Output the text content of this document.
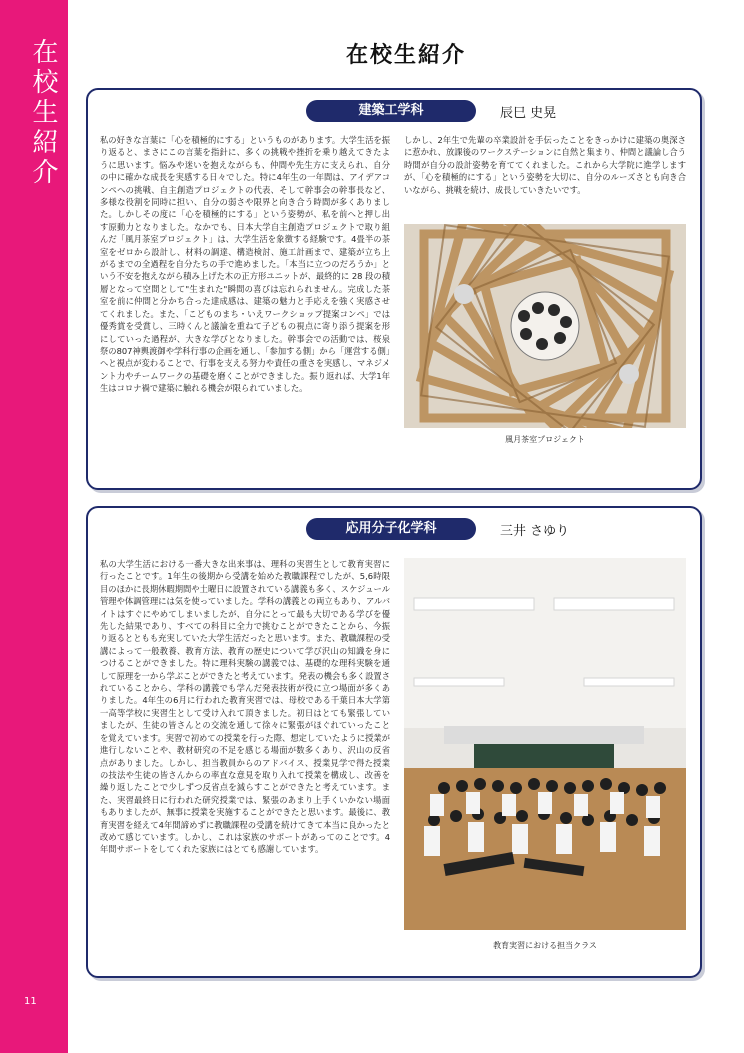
在校生紹介
11
在校生紹介
建築工学科	辰巳 史晃
私の好きな言葉に「心を積極的にする」というものがあります。大学生活を振り返ると、まさにこの言葉を指針に、多くの挑戦や挫折を乗り越えてきたように思います。悩みや迷いを抱えながらも、仲間や先生方に支えられ、自分の中に確かな成長を実感する日々でした。特に4年生の一年間は、アイデアコンペへの挑戦、自主創造プロジェクトの代表、そして幹事会の幹事長など、多様な役割を同時に担い、自分の弱さや限界と向き合う時間が多くありました。しかしその度に「心を積極的にする」という姿勢が、私を前へと押し出す原動力となりました。なかでも、日本大学自主創造プロジェクトで取り組んだ「風月茶室プロジェクト」は、大学生活を象徴する経験です。4畳半の茶室をゼロから設計し、材料の調達、構造検討、施工計画まで、建築が立ち上がるまでの全過程を自分たちの手で進めました。「本当に立つのだろうか」という不安を抱えながら積み上げた木の正方形ユニットが、最終的に 28 段の積層となって空間として"生まれた"瞬間の喜びは忘れられません。完成した茶室を前に仲間と分かち合った達成感は、建築の魅力と手応えを強く実感させてくれました。また、「こどものまち・いえワークショップ提案コンペ」では優秀賞を受賞し、三時くんと議論を重ねて子どもの視点に寄り添う提案を形にしていった過程が、大きな学びとなりました。幹事会での活動では、桜泉祭の807神輿渡御や学科行事の企画を通し、「参加する側」から「運営する側」へと視点が変わることで、行事を支える努力や責任の重さを実感し、マネジメント力やチームワークの基礎を磨くことができました。振り返れば、大学1年生はコロナ禍で建築に触れる機会が限られていました。
しかし、2年生で先輩の卒業設計を手伝ったことをきっかけに建築の奥深さに惹かれ、放課後のワークステーションに自然と集まり、仲間と議論し合う時間が自分の設計姿勢を育ててくれました。これから大学院に進学しますが、「心を積極的にする」という姿勢を大切に、自分のルーズさとも向き合いながら、挑戦を続け、成長していきたいです。
風月茶室プロジェクト
応用分子化学科	三井 さゆり
私の大学生活における一番大きな出来事は、理科の実習生として教育実習に行ったことです。1年生の後期から受講を始めた教職課程でしたが、5,6時限目のほかに長期休暇期間や土曜日に設置されている講義も多く、スケジュール管理や体調管理には気を使っていました。学科の講義との両立もあり、アルバイトはすぐにやめてしまいましたが、自分にとって最も大切である学びを優先した結果であり、すべての科目に全力で挑むことができたことから、今振り返るとともも充実していた大学生活だったと思います。また、教職課程の受講によって一般教養、教育方法、教育の歴史について学び沢山の知識を身につけることができました。特に理科実験の講義では、基礎的な理科実験を通して原理を一から学ぶことができたと考えています。発表の機会も多く設置されていることから、学科の講義でも学んだ発表技術が役に立つ場面が多くありました。4年生の6月に行われた教育実習では、母校である千葉日本大学第一高等学校に実習生として受け入れて頂きました。初日はとても緊張していましたが、生徒の皆さんとの交流を通して徐々に緊張がほぐれていったことを覚えています。実習で初めての授業を行った際、想定していたように授業が進行しないことや、教材研究の不足を感じる場面が数多くあり、沢山の反省点がありました。しかし、担当教員からのアドバイス、授業見学で得た授業の技法や生徒の皆さんからの率直な意見を取り入れて授業を構成し、改善を繰り返したことで少しずつ反省点を減らすことができたと考えています。また、実習最終日に行われた研究授業では、緊張のあまり上手くいかない場面もありましたが、無事に授業を実施することができたと思います。最後に、教育実習を経えて4年間諦めずに教職課程の受講を続けてきて本当に良かったと改めて感じています。しかし、これは家族のサポートがあってのことです。4年間サポートをしてくれた家族にはとても感謝しています。
教育実習における担当クラス
